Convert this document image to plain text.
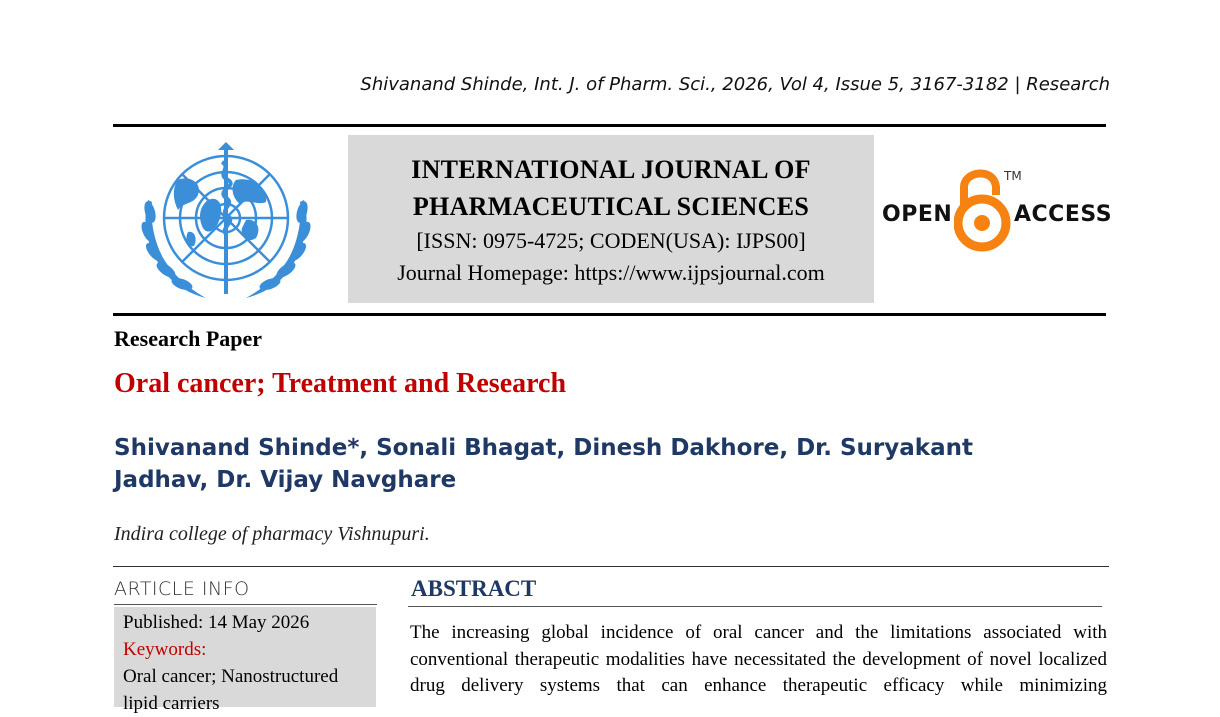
Shivanand Shinde, Int. J. of Pharm. Sci., 2026, Vol 4, Issue 5, 3167-3182 | Research
INTERNATIONAL JOURNAL OF
PHARMACEUTICAL SCIENCES
[ISSN: 0975-4725; CODEN(USA): IJPS00]
Journal Homepage: https://www.ijpsjournal.com
OPEN
TM
ACCESS
Research Paper
Oral cancer; Treatment and Research
Shivanand Shinde*, Sonali Bhagat, Dinesh Dakhore, Dr. Suryakant Jadhav, Dr. Vijay Navghare
Indira college of pharmacy Vishnupuri.
ARTICLE INFO
Published: 14 May 2026
Keywords:
Oral cancer; Nanostructured lipid carriers
ABSTRACT
The increasing global incidence of oral cancer and the limitations associated with conventional therapeutic modalities have necessitated the development of novel localized drug delivery systems that can enhance therapeutic efficacy while minimizing
